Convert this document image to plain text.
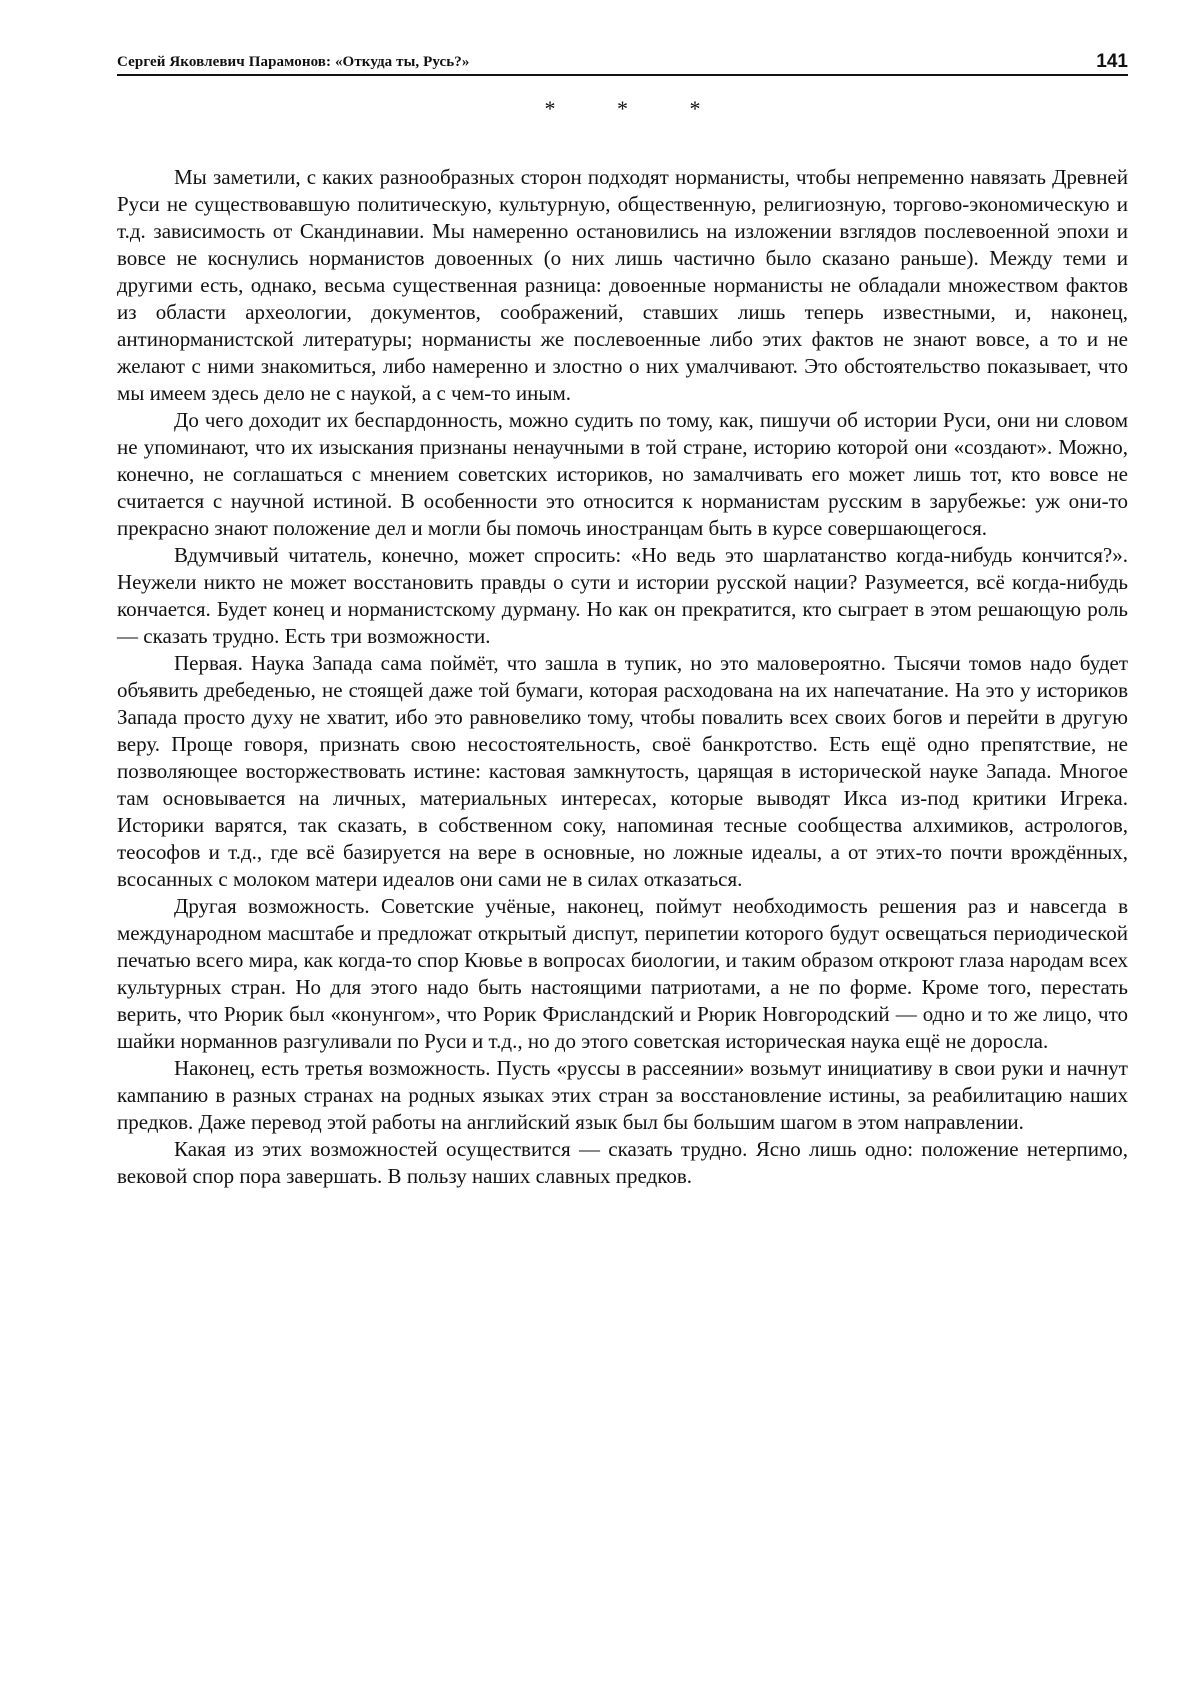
Сергей Яковлевич Парамонов: «Откуда ты, Русь?»	141
* * *

Мы заметили, с каких разнообразных сторон подходят норманисты, чтобы непременно навязать Древней Руси не существовавшую политическую, культурную, общественную, религиозную, торгово-экономическую и т.д. зависимость от Скандинавии. Мы намеренно остановились на изложении взглядов послевоенной эпохи и вовсе не коснулись норманистов довоенных (о них лишь частично было сказано раньше). Между теми и другими есть, однако, весьма существенная разница: довоенные норманисты не обладали множеством фактов из области археологии, документов, соображений, ставших лишь теперь известными, и, наконец, антинорманистской литературы; норманисты же послевоенные либо этих фактов не знают вовсе, а то и не желают с ними знакомиться, либо намеренно и злостно о них умалчивают. Это обстоятельство показывает, что мы имеем здесь дело не с наукой, а с чем-то иным.

До чего доходит их беспардонность, можно судить по тому, как, пишучи об истории Руси, они ни словом не упоминают, что их изыскания признаны ненаучными в той стране, историю которой они «создают». Можно, конечно, не соглашаться с мнением советских историков, но замалчивать его может лишь тот, кто вовсе не считается с научной истиной. В особенности это относится к норманистам русским в зарубежье: уж они-то прекрасно знают положение дел и могли бы помочь иностранцам быть в курсе совершающегося.

Вдумчивый читатель, конечно, может спросить: «Но ведь это шарлатанство когда-нибудь кончится?». Неужели никто не может восстановить правды о сути и истории русской нации? Разумеется, всё когда-нибудь кончается. Будет конец и норманистскому дурману. Но как он прекратится, кто сыграет в этом решающую роль — сказать трудно. Есть три возможности.

Первая. Наука Запада сама поймёт, что зашла в тупик, но это маловероятно. Тысячи томов надо будет объявить дребеденью, не стоящей даже той бумаги, которая расходована на их напечатание. На это у историков Запада просто духу не хватит, ибо это равновелико тому, чтобы повалить всех своих богов и перейти в другую веру. Проще говоря, признать свою несостоятельность, своё банкротство. Есть ещё одно препятствие, не позволяющее восторжествовать истине: кастовая замкнутость, царящая в исторической науке Запада. Многое там основывается на личных, материальных интересах, которые выводят Икса из-под критики Игрека. Историки варятся, так сказать, в собственном соку, напоминая тесные сообщества алхимиков, астрологов, теософов и т.д., где всё базируется на вере в основные, но ложные идеалы, а от этих-то почти врождённых, всосанных с молоком матери идеалов они сами не в силах отказаться.

Другая возможность. Советские учёные, наконец, поймут необходимость решения раз и навсегда в международном масштабе и предложат открытый диспут, перипетии которого будут освещаться периодической печатью всего мира, как когда-то спор Кювье в вопросах биологии, и таким образом откроют глаза народам всех культурных стран. Но для этого надо быть настоящими патриотами, а не по форме. Кроме того, перестать верить, что Рюрик был «конунгом», что Рорик Фрисландский и Рюрик Новгородский — одно и то же лицо, что шайки норманнов разгуливали по Руси и т.д., но до этого советская историческая наука ещё не доросла.

Наконец, есть третья возможность. Пусть «руссы в рассеянии» возьмут инициативу в свои руки и начнут кампанию в разных странах на родных языках этих стран за восстановление истины, за реабилитацию наших предков. Даже перевод этой работы на английский язык был бы большим шагом в этом направлении.

Какая из этих возможностей осуществится — сказать трудно. Ясно лишь одно: положение нетерпимо, вековой спор пора завершать. В пользу наших славных предков.
